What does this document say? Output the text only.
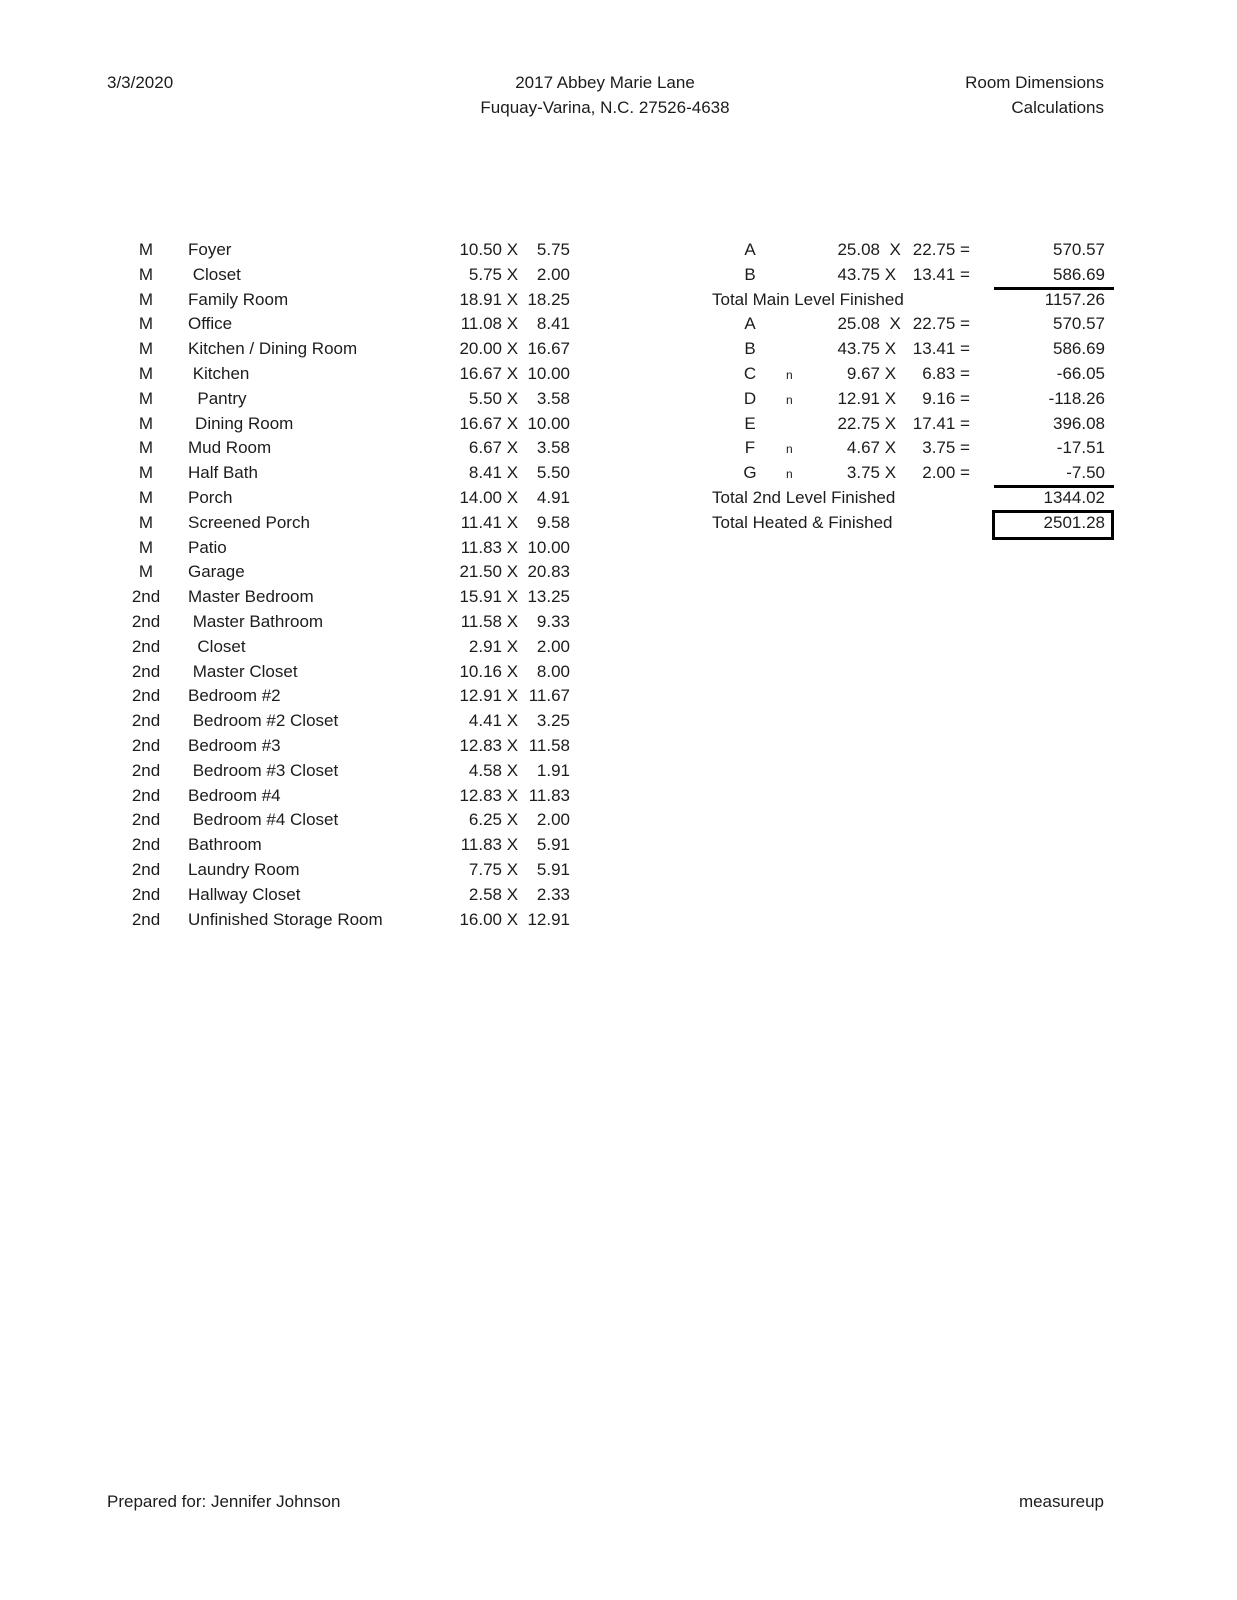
3/3/2020	2017 Abbey Marie Lane
Fuquay-Varina, N.C. 27526-4638
Room Dimensions
Calculations
M	Foyer	10.50 X 5.75
M	Closet	5.75 X 2.00
M	Family Room	18.91 X 18.25
M	Office	11.08 X 8.41
M	Kitchen / Dining Room	20.00 X 16.67
M	Kitchen	16.67 X 10.00
M	Pantry	5.50 X 3.58
M	Dining Room	16.67 X 10.00
M	Mud Room	6.67 X 3.58
M	Half Bath	8.41 X 5.50
M	Porch	14.00 X 4.91
M	Screened Porch	11.41 X 9.58
M	Patio	11.83 X 10.00
M	Garage	21.50 X 20.83
2nd	Master Bedroom	15.91 X 13.25
2nd	Master Bathroom	11.58 X 9.33
2nd	Closet	2.91 X 2.00
2nd	Master Closet	10.16 X 8.00
2nd	Bedroom #2	12.91 X 11.67
2nd	Bedroom #2 Closet	4.41 X 3.25
2nd	Bedroom #3	12.83 X 11.58
2nd	Bedroom #3 Closet	4.58 X 1.91
2nd	Bedroom #4	12.83 X 11.83
2nd	Bedroom #4 Closet	6.25 X 2.00
2nd	Bathroom	11.83 X 5.91
2nd	Laundry Room	7.75 X 5.91
2nd	Hallway Closet	2.58 X 2.33
2nd	Unfinished Storage Room	16.00 X 12.91
A	25.08 X 22.75 =	570.57
B	43.75 X 13.41 =	586.69
Total Main Level Finished	1157.26
A	25.08 X 22.75 =	570.57
B	43.75 X 13.41 =	586.69
C	n	9.67 X	6.83 =	-66.05
D	n	12.91 X	9.16 =	-118.26
E	22.75 X 17.41 =	396.08
F	n	4.67 X	3.75 =	-17.51
G	n	3.75 X	2.00 =	-7.50
Total 2nd Level Finished	1344.02
Total Heated & Finished	2501.28
Prepared for: Jennifer Johnson	measureup
